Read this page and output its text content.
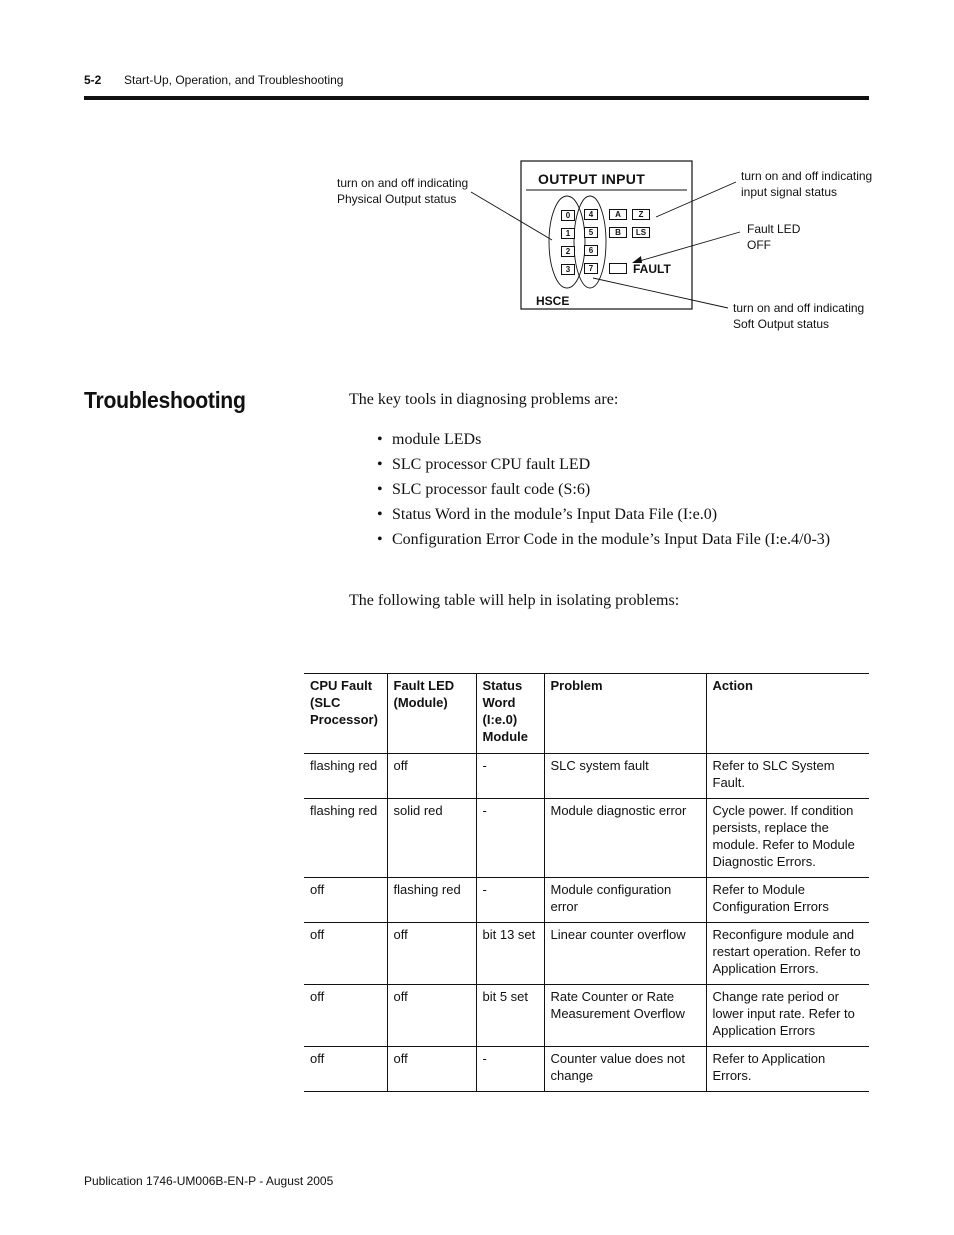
5-2 Start-Up, Operation, and Troubleshooting
OUTPUT INPUT
0
1
2
3
4
5
6
7
A
B
Z
LS
FAULT
HSCE
turn on and off indicating
Physical Output status
turn on and off indicating
input signal status
Fault LED
OFF
turn on and off indicating
Soft Output status
Troubleshooting	The key tools in diagnosing problems are:
• module LEDs
• SLC processor CPU fault LED
• SLC processor fault code (S:6)
• Status Word in the module’s Input Data File (I:e.0)
• Configuration Error Code in the module’s Input Data File (I:e.4/0-3)
The following table will help in isolating problems:
CPU Fault (SLC Processor)	Fault LED (Module)	Status Word (I:e.0) Module	Problem	Action
flashing red	off	-	SLC system fault	Refer to SLC System Fault.
flashing red	solid red	-	Module diagnostic error	Cycle power. If condition persists, replace the module. Refer to Module Diagnostic Errors.
off	flashing red	-	Module configuration error	Refer to Module Configuration Errors
off	off	bit 13 set	Linear counter overflow	Reconfigure module and restart operation. Refer to Application Errors.
off	off	bit 5 set	Rate Counter or Rate Measurement Overflow	Change rate period or lower input rate. Refer to Application Errors
off	off	-	Counter value does not change	Refer to Application Errors.
Publication 1746-UM006B-EN-P - August 2005
